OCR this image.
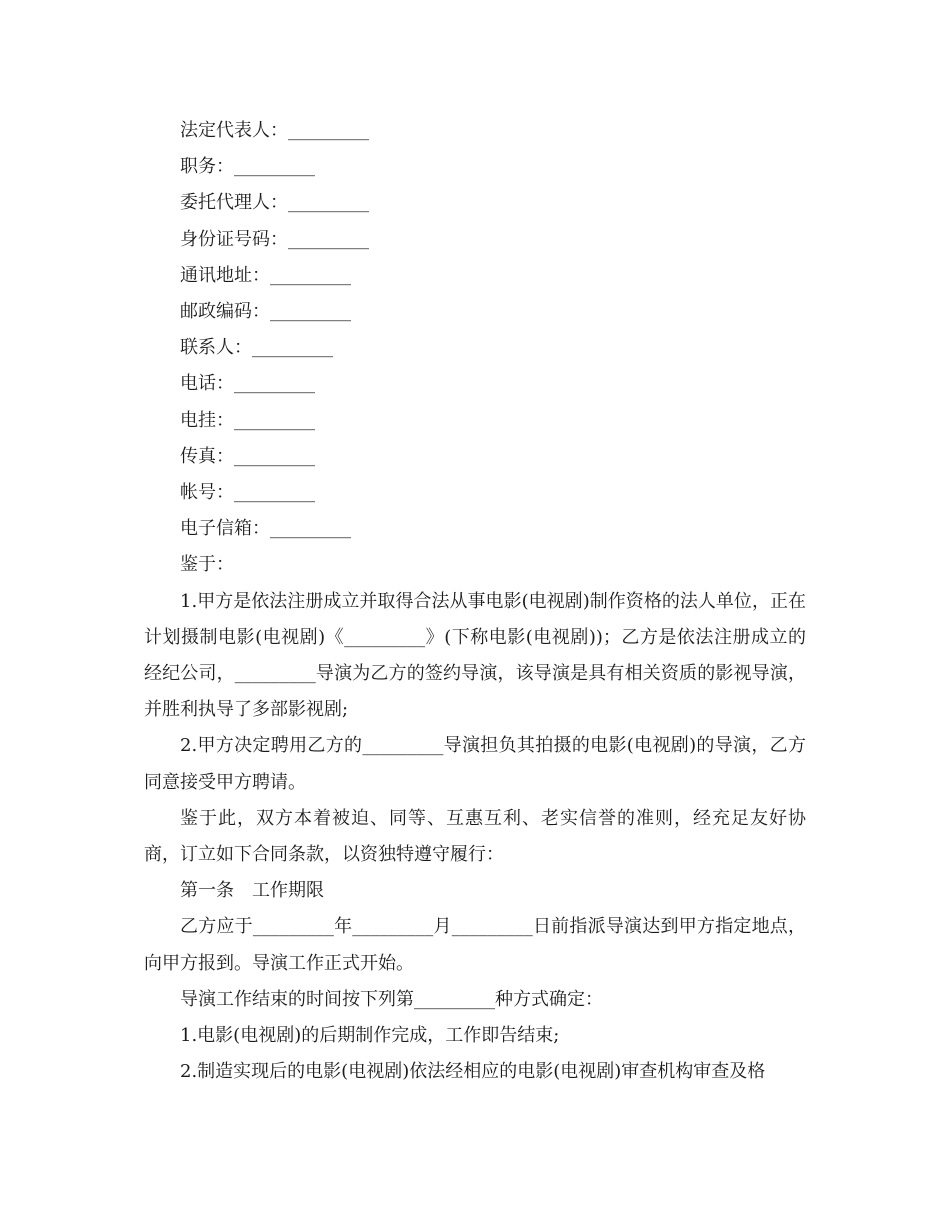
法定代表人：_________

职务：_________

委托代理人：_________

身份证号码：_________

通讯地址：_________

邮政编码：_________

联系人：_________

电话：_________

电挂：_________

传真：_________

帐号：_________

电子信箱：_________

鉴于：

1.甲方是依法注册成立并取得合法从事电影(电视剧)制作资格的法人单位，正在计划摄制电影(电视剧)《_________》(下称电影(电视剧))；乙方是依法注册成立的经纪公司，_________导演为乙方的签约导演，该导演是具有相关资质的影视导演，并胜利执导了多部影视剧;

2.甲方决定聘用乙方的_________导演担负其拍摄的电影(电视剧)的导演，乙方同意接受甲方聘请。

鉴于此，双方本着被迫、同等、互惠互利、老实信誉的准则，经充足友好协商，订立如下合同条款，以资独特遵守履行：

第一条　工作期限

乙方应于_________年_________月_________日前指派导演达到甲方指定地点，向甲方报到。导演工作正式开始。

导演工作结束的时间按下列第_________种方式确定：

1.电影(电视剧)的后期制作完成，工作即告结束;

2.制造实现后的电影(电视剧)依法经相应的电影(电视剧)审查机构审查及格
